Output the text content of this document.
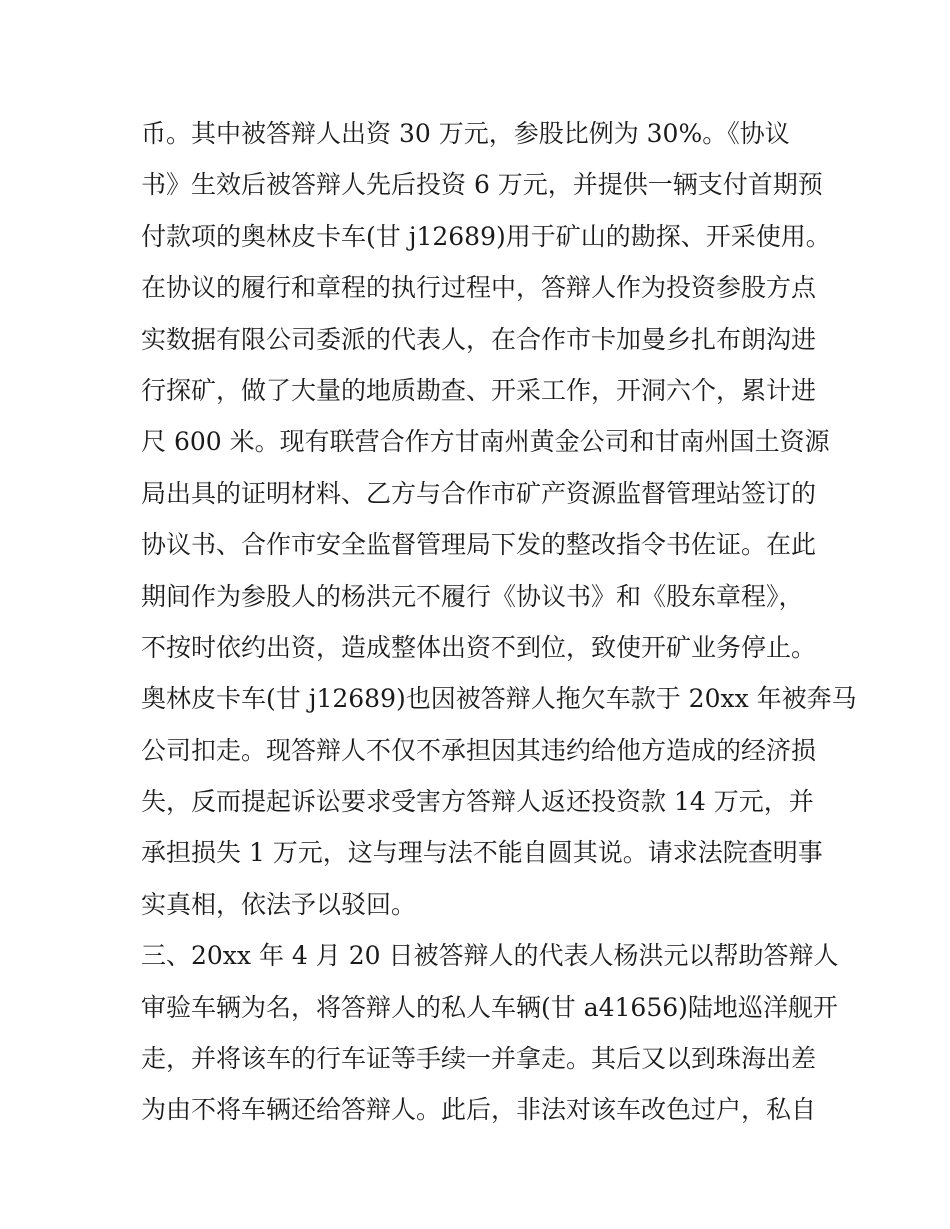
币。其中被答辩人出资 30 万元，参股比例为 30%。《协议
书》生效后被答辩人先后投资 6 万元，并提供一辆支付首期预
付款项的奥林皮卡车(甘 j12689)用于矿山的勘探、开采使用。
在协议的履行和章程的执行过程中，答辩人作为投资参股方点
实数据有限公司委派的代表人，在合作市卡加曼乡扎布朗沟进
行探矿，做了大量的地质勘查、开采工作，开洞六个，累计进
尺 600 米。现有联营合作方甘南州黄金公司和甘南州国土资源
局出具的证明材料、乙方与合作市矿产资源监督管理站签订的
协议书、合作市安全监督管理局下发的整改指令书佐证。在此
期间作为参股人的杨洪元不履行《协议书》和《股东章程》，
不按时依约出资，造成整体出资不到位，致使开矿业务停止。
奥林皮卡车(甘 j12689)也因被答辩人拖欠车款于 20xx 年被奔马
公司扣走。现答辩人不仅不承担因其违约给他方造成的经济损
失，反而提起诉讼要求受害方答辩人返还投资款 14 万元，并
承担损失 1 万元，这与理与法不能自圆其说。请求法院查明事
实真相，依法予以驳回。
三、20xx 年 4 月 20 日被答辩人的代表人杨洪元以帮助答辩人
审验车辆为名，将答辩人的私人车辆(甘 a41656)陆地巡洋舰开
走，并将该车的行车证等手续一并拿走。其后又以到珠海出差
为由不将车辆还给答辩人。此后，非法对该车改色过户，私自
